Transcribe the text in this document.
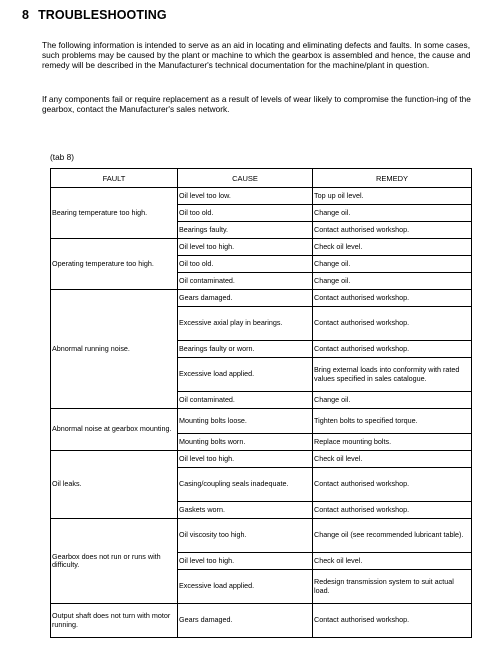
8 TROUBLESHOOTING

The following information is intended to serve as an aid in locating and eliminating defects and faults. In some cases, such problems may be caused by the plant or machine to which the gearbox is assembled and hence, the cause and remedy will be described in the Manufacturer's technical documentation for the machine/plant in question.

If any components fail or require replacement as a result of levels of wear likely to compromise the function-ing of the gearbox, contact the Manufacturer's sales network.

(tab 8)
FAULT	CAUSE	REMEDY
Bearing temperature too high.	Oil level too low.	Top up oil level.
	Oil too old.	Change oil.
	Bearings faulty.	Contact authorised workshop.
Operating temperature too high.	Oil level too high.	Check oil level.
	Oil too old.	Change oil.
	Oil contaminated.	Change oil.
Abnormal running noise.	Gears damaged.	Contact authorised workshop.
	Excessive axial play in bearings.	Contact authorised workshop.
	Bearings faulty or worn.	Contact authorised workshop.
	Excessive load applied.	Bring external loads into conformity with rated values specified in sales catalogue.
	Oil contaminated.	Change oil.
Abnormal noise at gearbox mounting.	Mounting bolts loose.	Tighten bolts to specified torque.
	Mounting bolts worn.	Replace mounting bolts.
Oil leaks.	Oil level too high.	Check oil level.
	Casing/coupling seals inadequate.	Contact authorised workshop.
	Gaskets worn.	Contact authorised workshop.
Gearbox does not run or runs with difficulty.	Oil viscosity too high.	Change oil (see recommended lubricant table).
	Oil level too high.	Check oil level.
	Excessive load applied.	Redesign transmission system to suit actual load.
Output shaft does not turn with motor running.	Gears damaged.	Contact authorised workshop.
